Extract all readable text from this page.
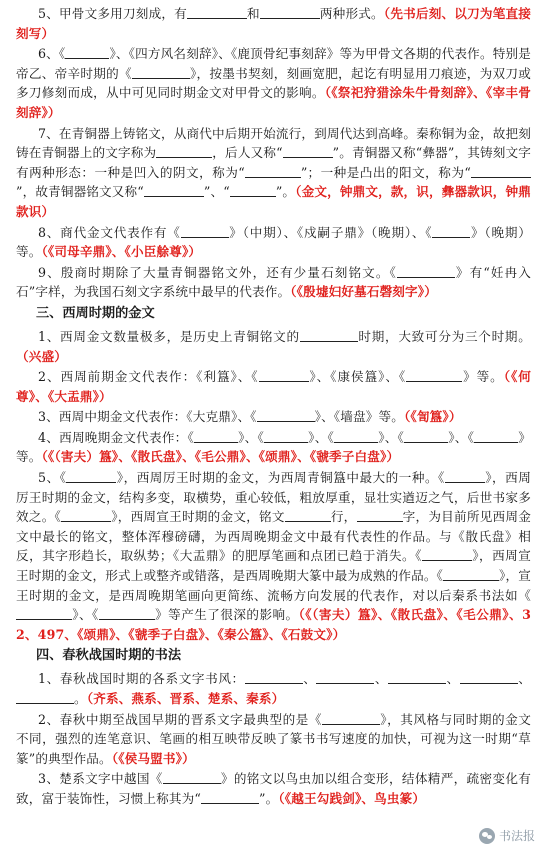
5、甲骨文多用刀刻成，有	和	两种形式。（先书后刻、以刀为笔直接刻写）

6、《	》、《四方风名刻辞》、《鹿顶骨纪事刻辞》等为甲骨文各期的代表作。特别是帝乙、帝辛时期的《	》，按墨书契刻，刻画宽肥，起讫有明显用刀痕迹，为双刀或多刀修刻而成，从中可见同时期金文对甲骨文的影响。（《祭祀狩猎涂朱牛骨刻辞》、《宰丰骨刻辞》）

7、在青铜器上铸铭文，从商代中后期开始流行，到周代达到高峰。秦称铜为金，故把刻铸在青铜器上的文字称为	，后人又称“	”。青铜器又称“彝器”，其铸刻文字有两种形态：一种是凹入的阴文，称为“	”；一种是凸出的阳文，称为“”，故青铜器铭文又称“	”、“	”。（金文，钟鼎文，款，识，彝器款识，钟鼎款识）

8、商代金文代表作有《	》（中期）、《戍嗣子鼎》（晚期）、《	》（晚期）等。（《司母辛鼎》、《小臣艅尊》）

9、殷商时期除了大量青铜器铭文外，还有少量石刻铭文。《	》有“妊冉入石”字样，为我国石刻文字系统中最早的代表作。（《殷墟妇好墓石磬刻字》）

三、西周时期的金文

1、西周金文数量极多，是历史上青铜铭文的	时期，大致可分为三个时期。（兴盛）

2、西周前期金文代表作：《利簋》、《	》、《康侯簋》、《	》等。（《何尊》、《大盂鼎》）

3、西周中期金文代表作：《大克鼎》、《	》、《墙盘》等。（《訇簋》）

4、西周晚期金文代表作：《	》、《	》、《	》、《	》、《	》等。（《（害夫）簋》、《散氏盘》、《毛公鼎》、《颂鼎》、《虢季子白盘》）

5、《	》，西周厉王时期的金文，为西周青铜簋中最大的一种。《	》，西周厉王时期的金文，结构多变，取横势，重心较低，粗放厚重，显壮实遒迈之气，后世书家多效之。《	》，西周宣王时期的金文，铭文	行，	字，为目前所见西周金文中最长的铭文，整体浑穆磅礴，为西周晚期金文中最有代表性的作品。与《散氏盘》相反，其字形趋长，取纵势；《大盂鼎》的肥厚笔画和点团已趋于消失。《	》，西周宣王时期的金文，形式上或整齐或错落，是西周晚期大篆中最为成熟的作品。《	》，宣王时期的金文，是西周晚期笔画向更简练、流畅方向发展的代表作，对以后秦系书法如《》、《	》等产生了很深的影响。（《（害夫）簋》、《散氏盘》、《毛公鼎》、32、497、《颂鼎》、《虢季子白盘》、《秦公簋》、《石鼓文》）

四、春秋战国时期的书法

1、春秋战国时期的各系文字书风：	、	、	、	、。（齐系、燕系、晋系、楚系、秦系）

2、春秋中期至战国早期的晋系文字最典型的是《	》，其风格与同时期的金文不同，强烈的连笔意识、笔画的相互映带反映了篆书书写速度的加快，可视为这一时期“草篆”的典型作品。（《侯马盟书》）

3、楚系文字中越国《	》的铭文以鸟虫加以组合变形，结体精严，疏密变化有致，富于装饰性，习惯上称其为“	”。（《越王勾践剑》、鸟虫篆）

书法报
